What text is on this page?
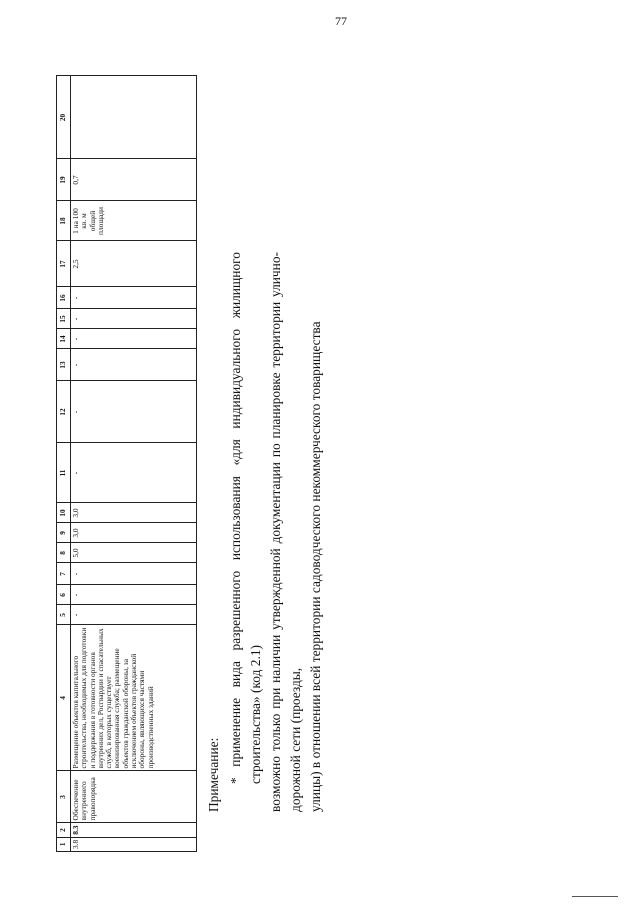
77
1	2	3	4	5	6	7	8	9	10	11	12	13	14	15	16	17	18	19	20
3.8	8.3	Обеспечение внутреннего правопорядка	Размещение объектов капитального строительства, необходимых для подготовки и поддержания в готовности органов внутренних дел, Росгвардии и спасательных служб, в которых существует военизированная служба; размещение объектов гражданской обороны, за исключением объектов гражданской обороны, являющихся частями производственных зданий	-	-	-	5,0	3,0	3,0	-	-	-	-	-	-	2,5	1 на 100 кв. м общей площади	0,7	
Примечание: * применение вида разрешенного использования «для индивидуального жилищного строительства» (код 2.1) возможно только при наличии утвержденной документации по планировке территории улично-дорожной сети (проезды, улицы) в отношении всей территории садоводческого некоммерческого товарищества
